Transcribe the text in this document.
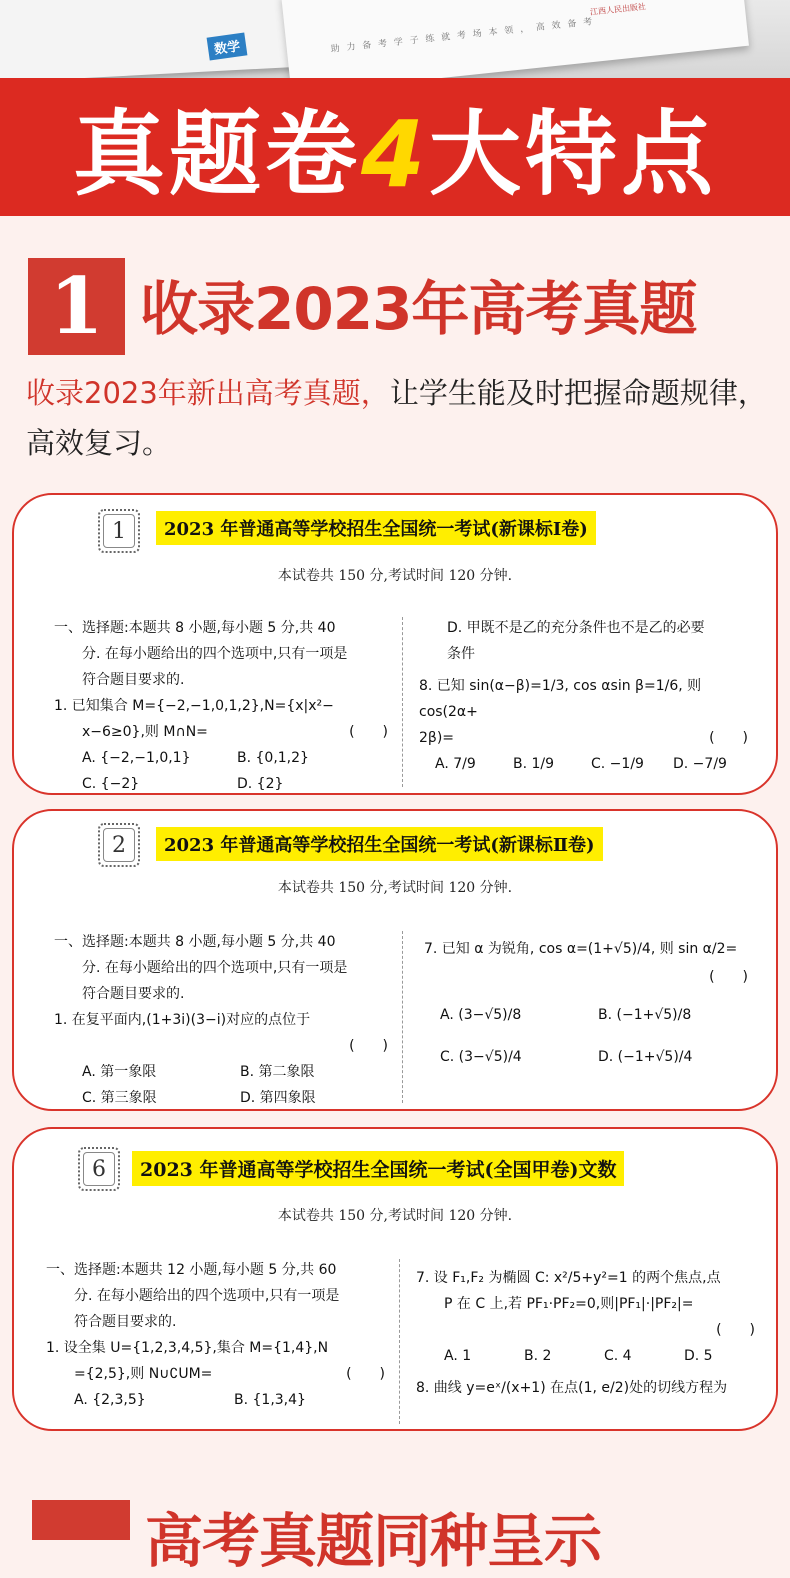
数学	助 力 备 考 学 子 练 就 考 场 本 领 ， 高 效 备 考
江西人民出版社
真题卷4大特点
1 收录2023年高考真题
收录2023年新出高考真题，让学生能及时把握命题规律，高效复习。
1	2023 年普通高等学校招生全国统一考试(新课标Ⅰ卷)
本试卷共 150 分,考试时间 120 分钟.

一、选择题:本题共 8 小题,每小题 5 分,共 40

分. 在每小题给出的四个选项中,只有一项是

符合题目要求的.

1. 已知集合 M={−2,−1,0,1,2},N={x|x²−

x−6≥0},则 M∩N=	(　　)

A. {−2,−1,0,1}	B. {0,1,2}
C. {−2}	D. {2}

D. 甲既不是乙的充分条件也不是乙的必要

条件

8. 已知 sin(α−β)=1/3, cos αsin β=1/6, 则 cos(2α+

2β)=	(　　)

A. 7/9	B. 1/9	C. −1/9	D. −7/9
2	2023 年普通高等学校招生全国统一考试(新课标Ⅱ卷)
本试卷共 150 分,考试时间 120 分钟.

一、选择题:本题共 8 小题,每小题 5 分,共 40

分. 在每小题给出的四个选项中,只有一项是

符合题目要求的.

1. 在复平面内,(1+3i)(3−i)对应的点位于

(　　)

A. 第一象限	B. 第二象限
C. 第三象限	D. 第四象限

7. 已知 α 为锐角, cos α=(1+√5)/4, 则 sin α/2=

(　　)

A. (3−√5)/8	B. (−1+√5)/8
C. (3−√5)/4	D. (−1+√5)/4
6	2023 年普通高等学校招生全国统一考试(全国甲卷)文数
本试卷共 150 分,考试时间 120 分钟.

一、选择题:本题共 12 小题,每小题 5 分,共 60

分. 在每小题给出的四个选项中,只有一项是

符合题目要求的.

1. 设全集 U={1,2,3,4,5},集合 M={1,4},N

={2,5},则 N∪∁UM=	(　　)

A. {2,3,5}	B. {1,3,4}

7. 设 F₁,F₂ 为椭圆 C: x²/5+y²=1 的两个焦点,点

P 在 C 上,若 PF₁·PF₂=0,则|PF₁|·|PF₂|=

(　　)

A. 1	B. 2	C. 4	D. 5

8. 曲线 y=eˣ/(x+1) 在点(1, e/2)处的切线方程为

高考真题同种呈示
